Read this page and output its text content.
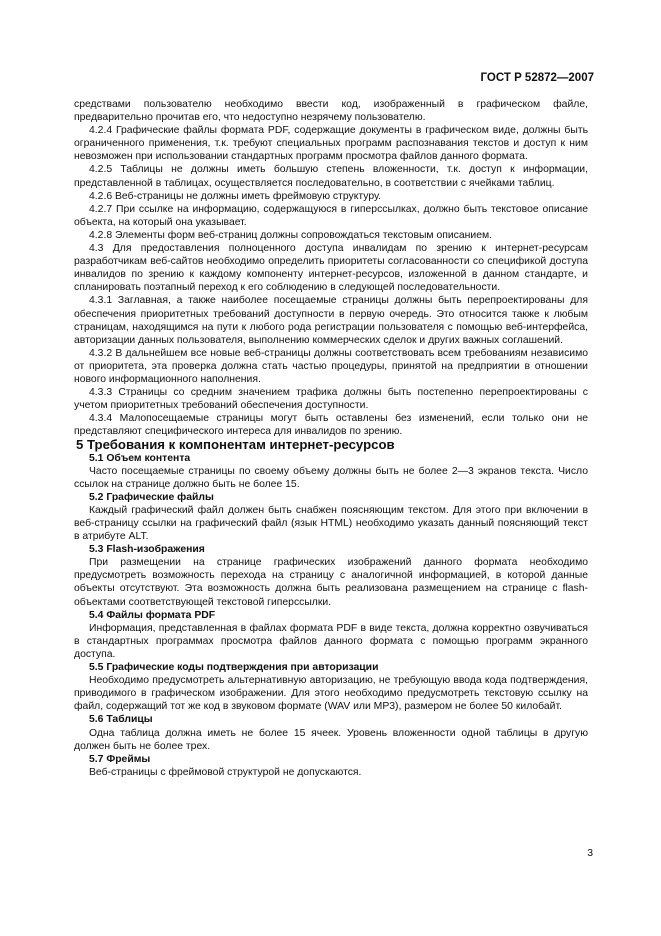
ГОСТ Р 52872—2007

средствами пользователю необходимо ввести код, изображенный в графическом файле, предварительно прочитав его, что недоступно незрячему пользователю.

4.2.4 Графические файлы формата PDF, содержащие документы в графическом виде, должны быть ограниченного применения, т.к. требуют специальных программ распознавания текстов и доступ к ним невозможен при использовании стандартных программ просмотра файлов данного формата.

4.2.5 Таблицы не должны иметь большую степень вложенности, т.к. доступ к информации, представленной в таблицах, осуществляется последовательно, в соответствии с ячейками таблиц.

4.2.6 Веб-страницы не должны иметь фреймовую структуру.

4.2.7 При ссылке на информацию, содержащуюся в гиперссылках, должно быть текстовое описание объекта, на который она указывает.

4.2.8 Элементы форм веб-страниц должны сопровождаться текстовым описанием.

4.3 Для предоставления полноценного доступа инвалидам по зрению к интернет-ресурсам разработчикам веб-сайтов необходимо определить приоритеты согласованности со спецификой доступа инвалидов по зрению к каждому компоненту интернет-ресурсов, изложенной в данном стандарте, и спланировать поэтапный переход к его соблюдению в следующей последовательности.

4.3.1 Заглавная, а также наиболее посещаемые страницы должны быть перепроектированы для обеспечения приоритетных требований доступности в первую очередь. Это относится также к любым страницам, находящимся на пути к любого рода регистрации пользователя с помощью веб-интерфейса, авторизации данных пользователя, выполнению коммерческих сделок и других важных соглашений.

4.3.2 В дальнейшем все новые веб-страницы должны соответствовать всем требованиям независимо от приоритета, эта проверка должна стать частью процедуры, принятой на предприятии в отношении нового информационного наполнения.

4.3.3 Страницы со средним значением трафика должны быть постепенно перепроектированы с учетом приоритетных требований обеспечения доступности.

4.3.4 Малопосещаемые страницы могут быть оставлены без изменений, если только они не представляют специфического интереса для инвалидов по зрению.

5 Требования к компонентам интернет-ресурсов

5.1 Объем контента

Часто посещаемые страницы по своему объему должны быть не более 2—3 экранов текста. Число ссылок на странице должно быть не более 15.

5.2 Графические файлы

Каждый графический файл должен быть снабжен поясняющим текстом. Для этого при включении в веб-страницу ссылки на графический файл (язык HTML) необходимо указать данный поясняющий текст в атрибуте ALT.

5.3 Flash-изображения

При размещении на странице графических изображений данного формата необходимо предусмотреть возможность перехода на страницу с аналогичной информацией, в которой данные объекты отсутствуют. Эта возможность должна быть реализована размещением на странице с flash-объектами соответствующей текстовой гиперссылки.

5.4 Файлы формата PDF

Информация, представленная в файлах формата PDF в виде текста, должна корректно озвучиваться в стандартных программах просмотра файлов данного формата с помощью программ экранного доступа.

5.5 Графические коды подтверждения при авторизации

Необходимо предусмотреть альтернативную авторизацию, не требующую ввода кода подтверждения, приводимого в графическом изображении. Для этого необходимо предусмотреть текстовую ссылку на файл, содержащий тот же код в звуковом формате (WAV или MP3), размером не более 50 килобайт.

5.6 Таблицы

Одна таблица должна иметь не более 15 ячеек. Уровень вложенности одной таблицы в другую должен быть не более трех.

5.7 Фреймы

Веб-страницы с фреймовой структурой не допускаются.

3
